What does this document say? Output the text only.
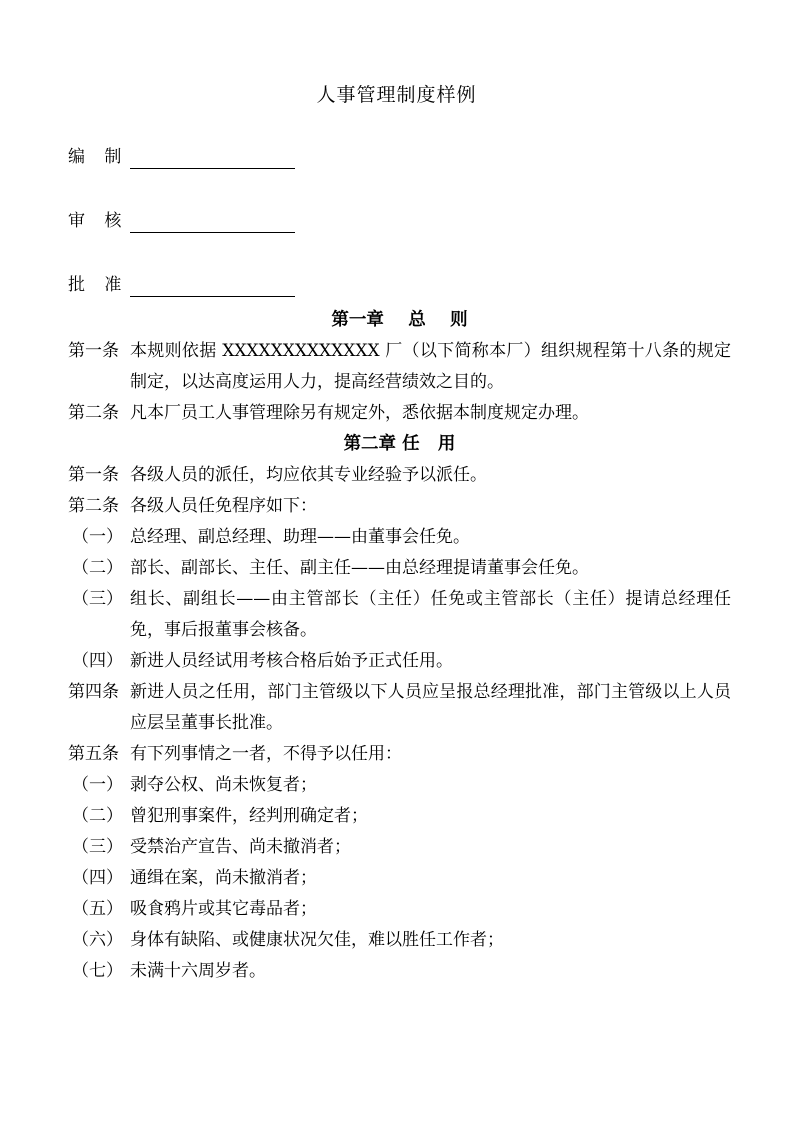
人事管理制度样例
编 制
审 核
批 准
第一章    总    则

第一条 本规则依据 XXXXXXXXXXXXX 厂（以下简称本厂）组织规程第十八条的规定制定，以达高度运用人力，提高经营绩效之目的。

第二条 凡本厂员工人事管理除另有规定外，悉依据本制度规定办理。

第二章 任   用

第一条 各级人员的派任，均应依其专业经验予以派任。

第二条 各级人员任免程序如下：

（一） 总经理、副总经理、助理——由董事会任免。

（二） 部长、副部长、主任、副主任——由总经理提请董事会任免。

（三） 组长、副组长——由主管部长（主任）任免或主管部长（主任）提请总经理任免，事后报董事会核备。

（四） 新进人员经试用考核合格后始予正式任用。

第四条 新进人员之任用，部门主管级以下人员应呈报总经理批准，部门主管级以上人员应层呈董事长批准。

第五条 有下列事情之一者，不得予以任用：

（一） 剥夺公权、尚未恢复者；

（二） 曾犯刑事案件，经判刑确定者；

（三） 受禁治产宣告、尚未撤消者；

（四） 通缉在案，尚未撤消者；

（五） 吸食鸦片或其它毒品者；

（六） 身体有缺陷、或健康状况欠佳，难以胜任工作者；

（七） 未满十六周岁者。
